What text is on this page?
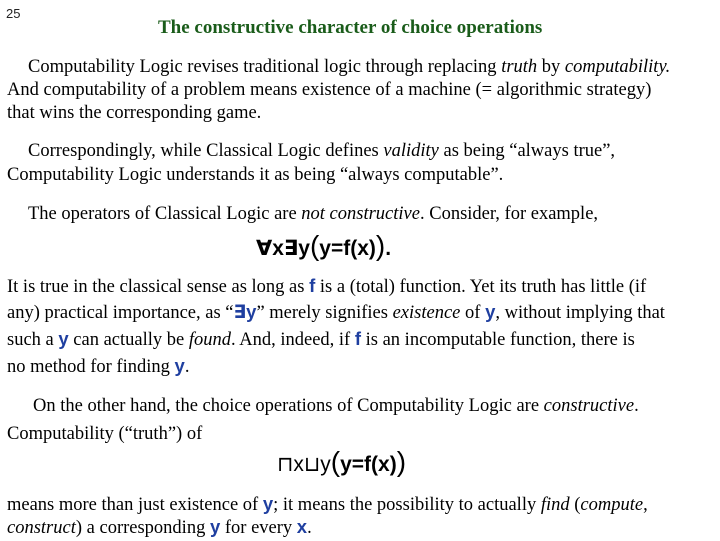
25
The constructive character of choice operations
Computability Logic revises traditional logic through replacing truth by computability.
And computability of a problem means existence of a machine (= algorithmic strategy)
that wins the corresponding game.
Correspondingly, while Classical Logic defines validity as being “always true”,
Computability Logic understands it as being “always computable”.
The operators of Classical Logic are not constructive. Consider, for example,
∀x∃y(y=f(x)).
It is true in the classical sense as long as f is a (total) function. Yet its truth has little (if
any) practical importance, as “∃y” merely signifies existence of y, without implying that
such a y can actually be found. And, indeed, if f is an incomputable function, there is
no method for finding y.
On the other hand, the choice operations of Computability Logic are constructive.
Computability (“truth”) of
⊓x⊔y(y=f(x))
means more than just existence of y; it means the possibility to actually find (compute,
construct) a corresponding y for every x.
